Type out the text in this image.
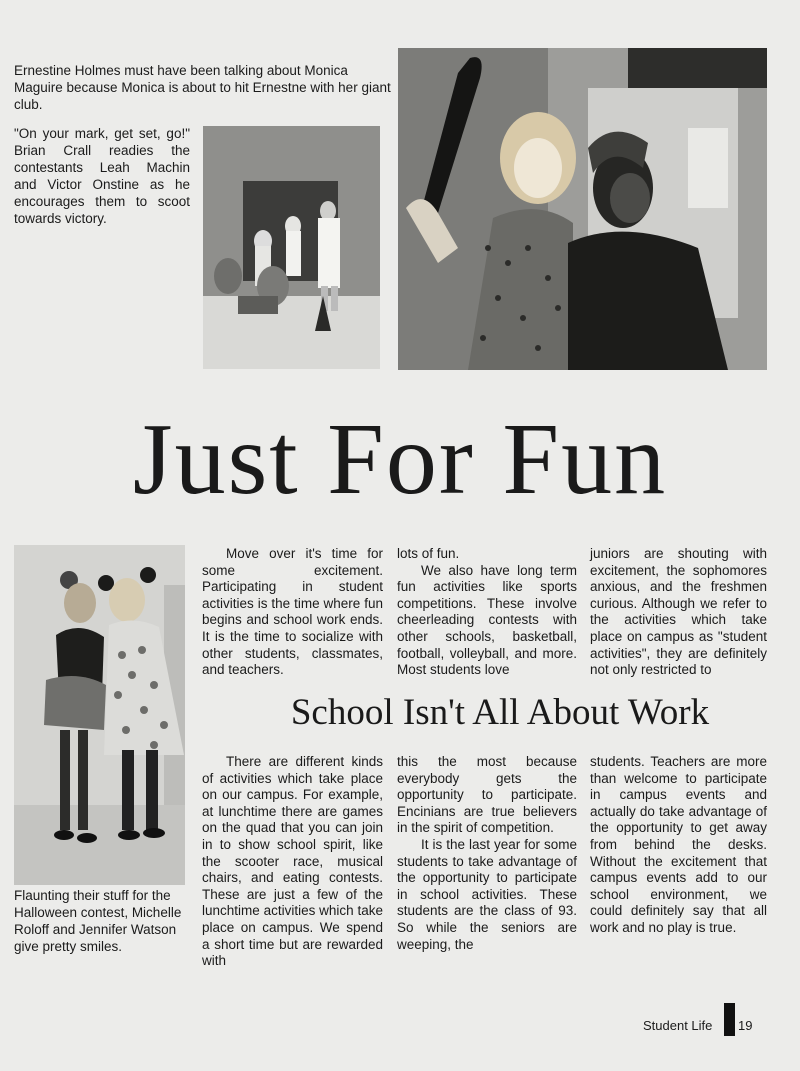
Ernestine Holmes must have been talking about Monica Maguire because Monica is about to hit Ernestne with her giant club.
"On your mark, get set, go!" Brian Crall readies the contestants Leah Machin and Victor Onstine as he encourages them to scoot towards victory.
Flaunting their stuff for the Halloween contest, Michelle Roloff and Jennifer Watson give pretty smiles.
Just For Fun

Move over it's time for some excitement. Participating in student activities is the time where fun begins and school work ends. It is the time to socialize with other students, classmates, and teachers.

lots of fun.

We also have long term fun activities like sports competitions. These involve cheerleading contests with other schools, basketball, football, volleyball, and more. Most students love

juniors are shouting with excitement, the sophomores anxious, and the freshmen curious. Although we refer to the activities which take place on campus as "student activities", they are definitely not only restricted to

School Isn't All About Work

There are different kinds of activities which take place on our campus. For example, at lunchtime there are games on the quad that you can join in to show school spirit, like the scooter race, musical chairs, and eating contests. These are just a few of the lunchtime activities which take place on campus. We spend a short time but are rewarded with

this the most because everybody gets the opportunity to participate. Encinians are true believers in the spirit of competition.

It is the last year for some students to take advantage of the opportunity to participate in school activities. These students are the class of 93. So while the seniors are weeping, the

students. Teachers are more than welcome to participate in campus events and actually do take advantage of the opportunity to get away from behind the desks. Without the excitement that campus events add to our school environment, we could definitely say that all work and no play is true.

Student Life 19
